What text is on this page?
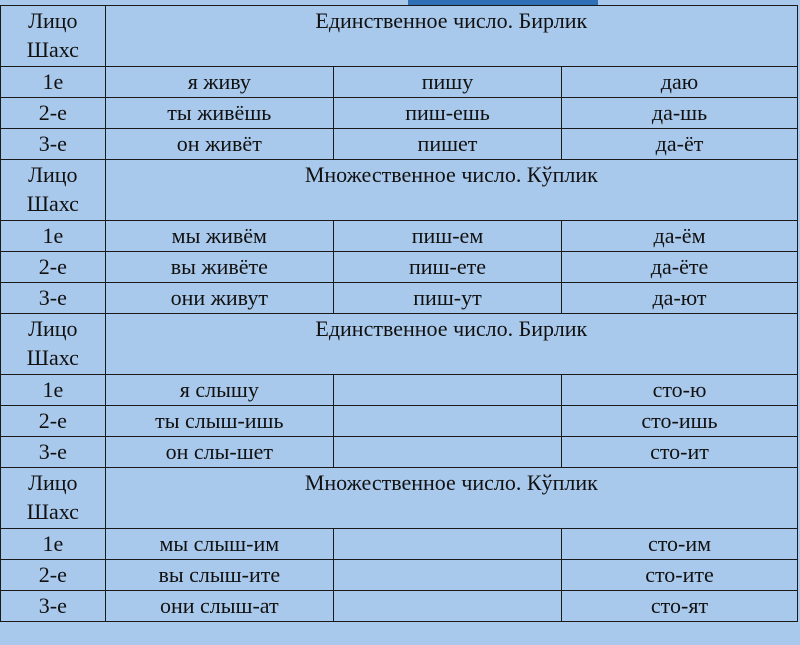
Лицо
Шахс	Единственное число. Бирлик		
1е	я живу	пишу	даю
2-е	ты живёшь	пиш-ешь	да-шь
3-е	он живёт	пишет	да-ёт

Лицо
Шахс	Множественное число. Кўплик		
1е	мы живём	пиш-ем	да-ём
2-е	вы живёте	пиш-ете	да-ёте
3-е	они живут	пиш-ут	да-ют

Лицо
Шахс	Единственное число. Бирлик		
1е	я слышу		сто-ю
2-е	ты слыш-ишь		сто-ишь
3-е	он слы-шет		сто-ит

Лицо
Шахс	Множественное число. Кўплик		
1е	мы слыш-им		сто-им
2-е	вы слыш-ите		сто-ите
3-е	они слыш-ат		сто-ят
